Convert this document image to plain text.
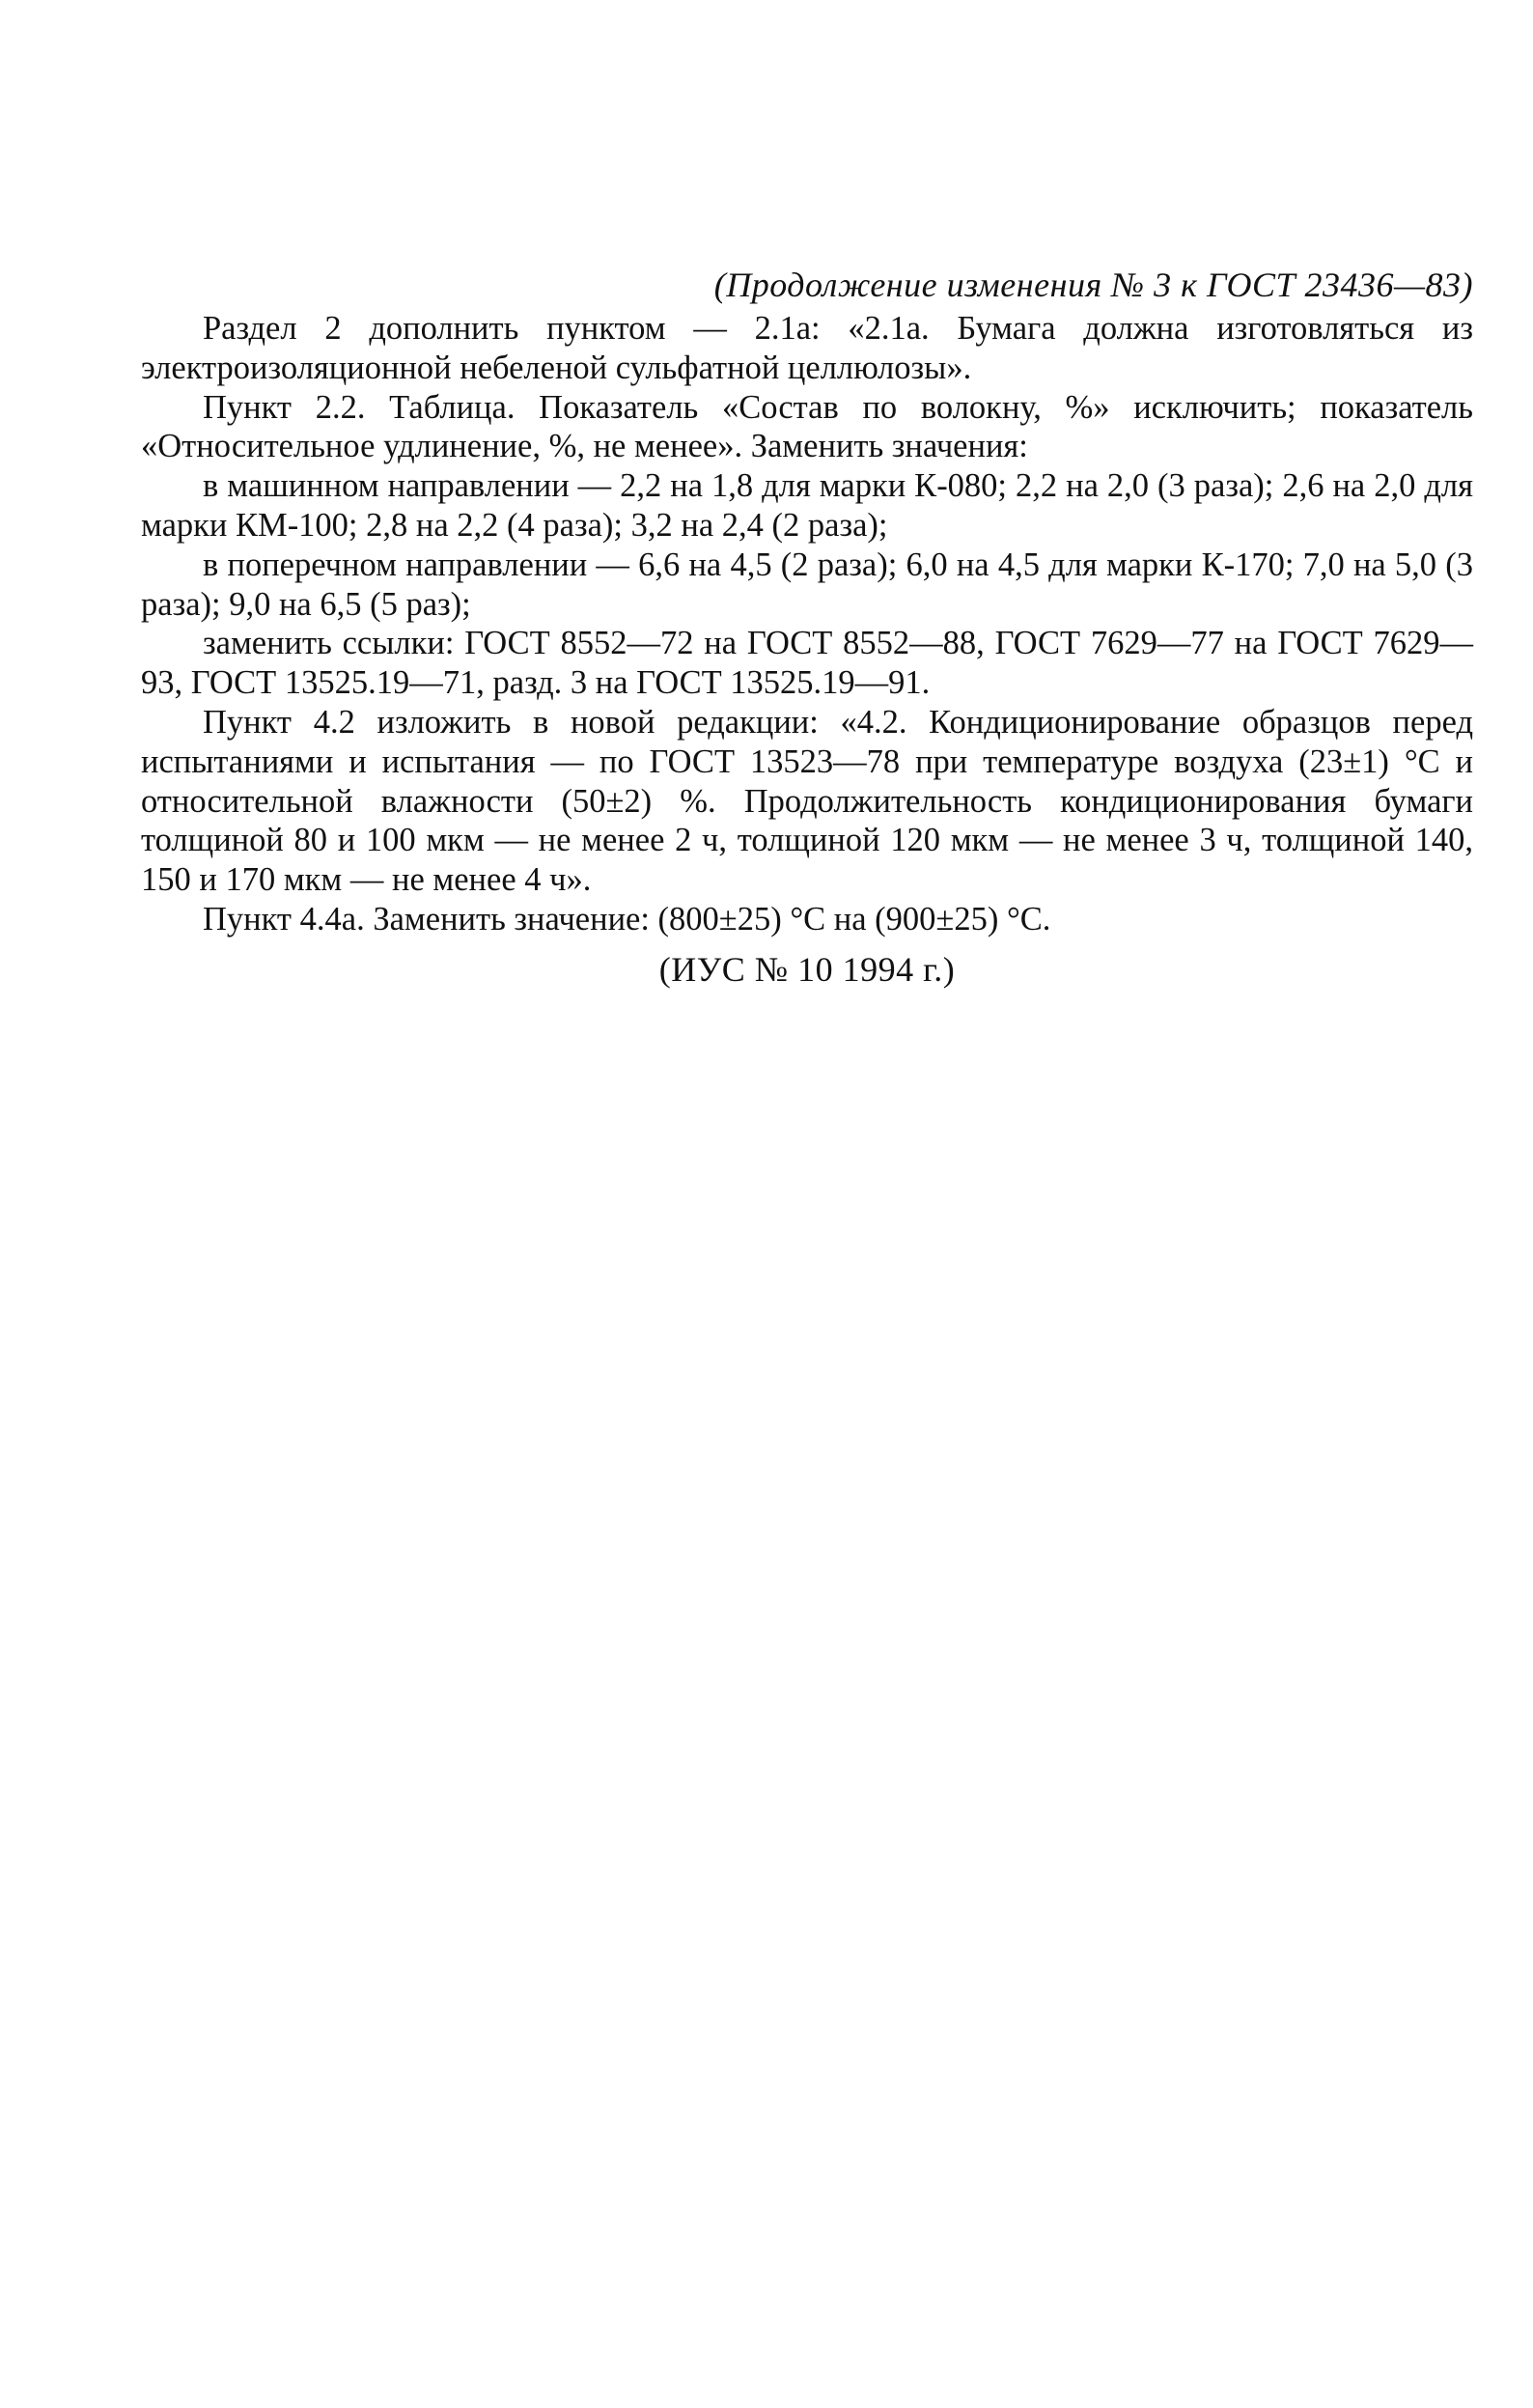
(Продолжение изменения № 3 к ГОСТ 23436—83)

Раздел 2 дополнить пунктом — 2.1а: «2.1а. Бумага должна изготовляться из электроизоляционной небеленой сульфатной целлюлозы».

Пункт 2.2. Таблица. Показатель «Состав по волокну, %» исключить; показатель «Относительное удлинение, %, не менее». Заменить значения:

в машинном направлении — 2,2 на 1,8 для марки К-080; 2,2 на 2,0 (3 раза); 2,6 на 2,0 для марки КМ-100; 2,8 на 2,2 (4 раза); 3,2 на 2,4 (2 раза);

в поперечном направлении — 6,6 на 4,5 (2 раза); 6,0 на 4,5 для марки К-170; 7,0 на 5,0 (3 раза); 9,0 на 6,5 (5 раз);

заменить ссылки: ГОСТ 8552—72 на ГОСТ 8552—88, ГОСТ 7629—77 на ГОСТ 7629—93, ГОСТ 13525.19—71, разд. 3 на ГОСТ 13525.19—91.

Пункт 4.2 изложить в новой редакции: «4.2. Кондиционирование образцов перед испытаниями и испытания — по ГОСТ 13523—78 при температуре воздуха (23±1) °С и относительной влажности (50±2) %. Продолжительность кондиционирования бумаги толщиной 80 и 100 мкм — не менее 2 ч, толщиной 120 мкм — не менее 3 ч, толщиной 140, 150 и 170 мкм — не менее 4 ч».

Пункт 4.4а. Заменить значение: (800±25) °С на (900±25) °С.

(ИУС № 10 1994 г.)
